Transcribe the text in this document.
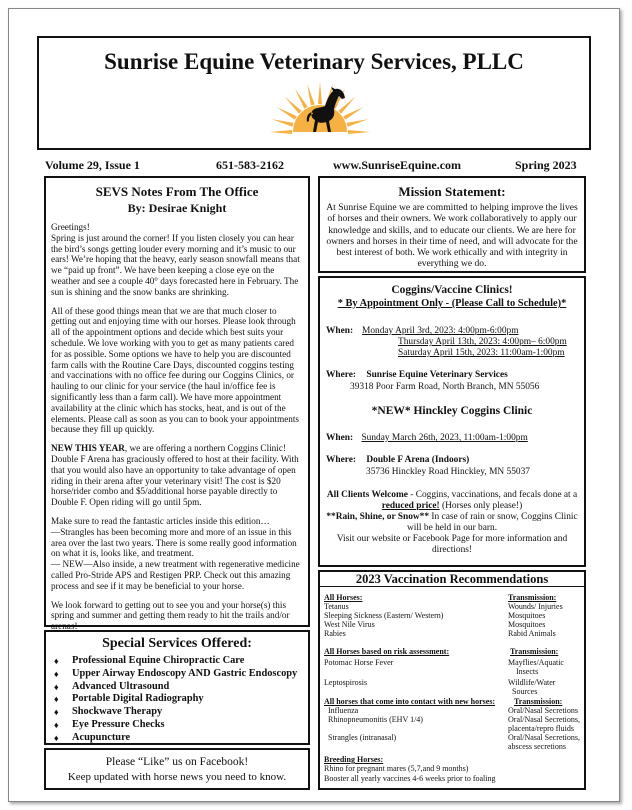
Sunrise Equine Veterinary Services, PLLC
Volume 29, Issue 1	651-583-2162	www.SunriseEquine.com	Spring 2023
SEVS Notes From The Office
By: Desirae Knight

Greetings!
Spring is just around the corner! If you listen closely you can hear the bird’s songs getting louder every morning and it’s music to our ears! We’re hoping that the heavy, early season snowfall means that we “paid up front”. We have been keeping a close eye on the weather and see a couple 40° days forecasted here in February. The sun is shining and the snow banks are shrinking.

All of these good things mean that we are that much closer to getting out and enjoying time with our horses. Please look through all of the appointment options and decide which best suits your schedule. We love working with you to get as many patients cared for as possible. Some options we have to help you are discounted farm calls with the Routine Care Days, discounted coggins testing and vaccinations with no office fee during our Coggins Clinics, or hauling to our clinic for your service (the haul in/office fee is significantly less than a farm call). We have more appointment availability at the clinic which has stocks, heat, and is out of the elements. Please call as soon as you can to book your appointments because they fill up quickly.

NEW THIS YEAR, we are offering a northern Coggins Clinic! Double F Arena has graciously offered to host at their facility. With that you would also have an opportunity to take advantage of open riding in their arena after your veterinary visit! The cost is $20 horse/rider combo and $5/additional horse payable directly to Double F. Open riding will go until 5pm.

Make sure to read the fantastic articles inside this edition…
—Strangles has been becoming more and more of an issue in this area over the last two years. There is some really good information on what it is, looks like, and treatment.
— NEW—Also inside, a new treatment with regenerative medicine called Pro-Stride APS and Restigen PRP. Check out this amazing process and see if it may be beneficial to your horse.

We look forward to getting out to see you and your horse(s) this spring and summer and getting them ready to hit the trails and/or arenas!

Special Services Offered:
♦ Professional Equine Chiropractic Care
♦ Upper Airway Endoscopy AND Gastric Endoscopy
♦ Advanced Ultrasound
♦ Portable Digital Radiography
♦ Shockwave Therapy
♦ Eye Pressure Checks
♦ Acupuncture
Please “Like” us on Facebook!
Keep updated with horse news you need to know.
Mission Statement:
At Sunrise Equine we are committed to helping improve the lives of horses and their owners. We work collaboratively to apply our knowledge and skills, and to educate our clients. We are here for owners and horses in their time of need, and will advocate for the best interest of both. We work ethically and with integrity in everything we do.
Coggins/Vaccine Clinics!
* By Appointment Only - (Please Call to Schedule)*
When: Monday April 3rd, 2023: 4:00pm-6:00pm
Thursday April 13th, 2023: 4:00pm– 6:00pm
Saturday April 15th, 2023: 11:00am-1:00pm
Where: Sunrise Equine Veterinary Services
39318 Poor Farm Road, North Branch, MN 55056
*NEW* Hinckley Coggins Clinic
When: Sunday March 26th, 2023, 11:00am-1:00pm
Where: Double F Arena (Indoors)
35736 Hinckley Road Hinckley, MN 55037
All Clients Welcome - Coggins, vaccinations, and fecals done at a reduced price! (Horses only please!)
**Rain, Shine, or Snow** In case of rain or snow, Coggins Clinic will be held in our barn.
Visit our website or Facebook Page for more information and directions!
2023 Vaccination Recommendations
All Horses:	Transmission:
Tetanus	Wounds/ Injuries
Sleeping Sickness (Eastern/ Western)	Mosquitoes
West Nile Virus	Mosquitoes
Rabies	Rabid Animals
All Horses based on risk assessment:	Transmission:
Potomac Horse Fever	Mayflies/Aquatic
Insects
Leptospirosis	Wildlife/Water
Sources
All horses that come into contact with new horses: Transmission:
Influenza	Oral/Nasal Secretions
Rhinopneumonitis (EHV 1/4)	Oral/Nasal Secretions,
placenta/repro fluids
Strangles (intranasal)	Oral/Nasal Secretions,
abscess secretions
Breeding Horses:
Rhino for pregnant mares (5,7,and 9 months)
Booster all yearly vaccines 4-6 weeks prior to foaling
